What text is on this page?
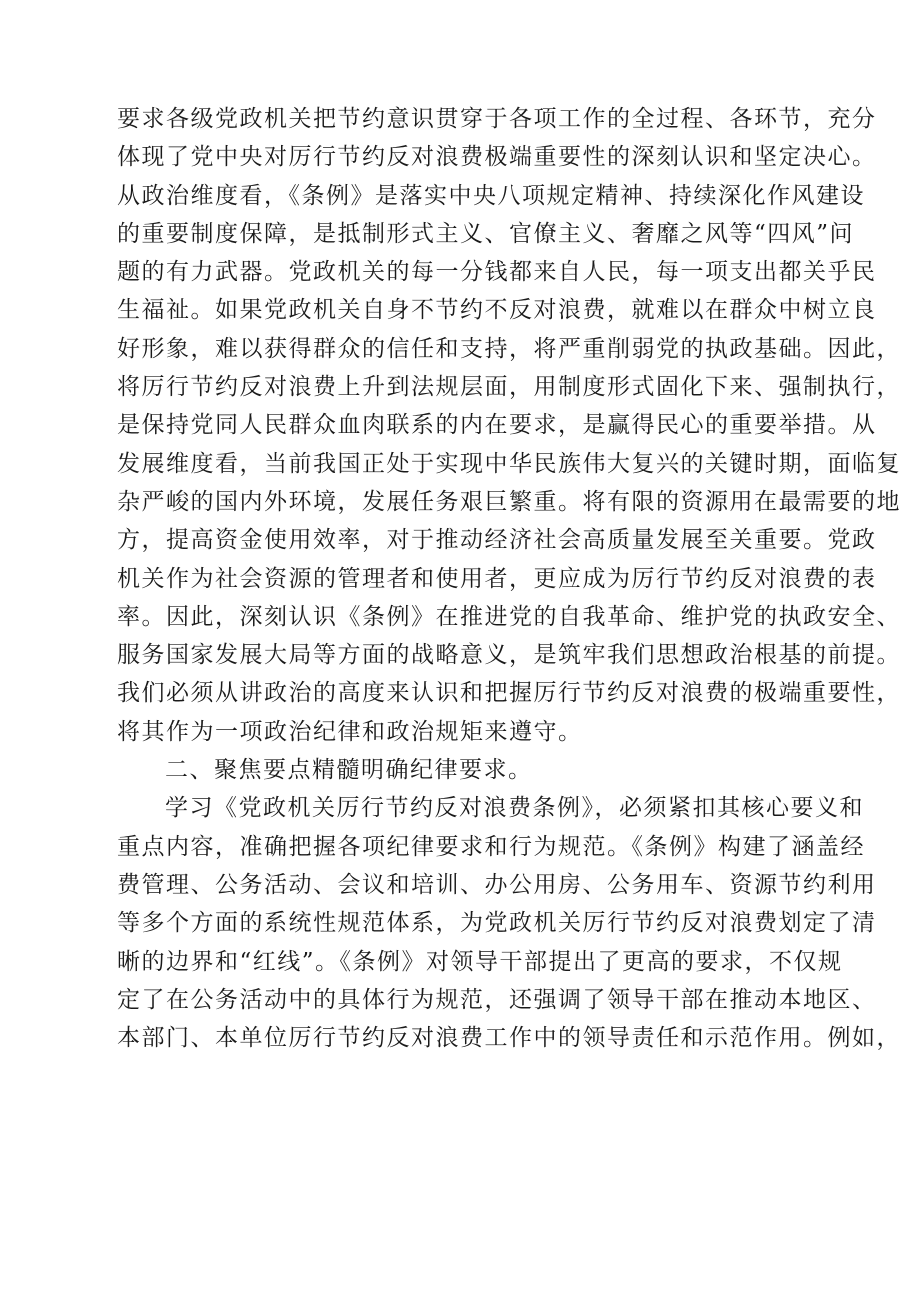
要求各级党政机关把节约意识贯穿于各项工作的全过程、各环节，充分
体现了党中央对厉行节约反对浪费极端重要性的深刻认识和坚定决心。
从政治维度看，《条例》是落实中央八项规定精神、持续深化作风建设
的重要制度保障，是抵制形式主义、官僚主义、奢靡之风等“四风”问
题的有力武器。党政机关的每一分钱都来自人民，每一项支出都关乎民
生福祉。如果党政机关自身不节约不反对浪费，就难以在群众中树立良
好形象，难以获得群众的信任和支持，将严重削弱党的执政基础。因此，
将厉行节约反对浪费上升到法规层面，用制度形式固化下来、强制执行，
是保持党同人民群众血肉联系的内在要求，是赢得民心的重要举措。从
发展维度看，当前我国正处于实现中华民族伟大复兴的关键时期，面临复
杂严峻的国内外环境，发展任务艰巨繁重。将有限的资源用在最需要的地
方，提高资金使用效率，对于推动经济社会高质量发展至关重要。党政
机关作为社会资源的管理者和使用者，更应成为厉行节约反对浪费的表
率。因此，深刻认识《条例》在推进党的自我革命、维护党的执政安全、
服务国家发展大局等方面的战略意义，是筑牢我们思想政治根基的前提。
我们必须从讲政治的高度来认识和把握厉行节约反对浪费的极端重要性，
将其作为一项政治纪律和政治规矩来遵守。
二、聚焦要点精髓明确纪律要求。
学习《党政机关厉行节约反对浪费条例》，必须紧扣其核心要义和
重点内容，准确把握各项纪律要求和行为规范。《条例》构建了涵盖经
费管理、公务活动、会议和培训、办公用房、公务用车、资源节约利用
等多个方面的系统性规范体系，为党政机关厉行节约反对浪费划定了清
晰的边界和“红线”。《条例》对领导干部提出了更高的要求，不仅规
定了在公务活动中的具体行为规范，还强调了领导干部在推动本地区、
本部门、本单位厉行节约反对浪费工作中的领导责任和示范作用。例如，
